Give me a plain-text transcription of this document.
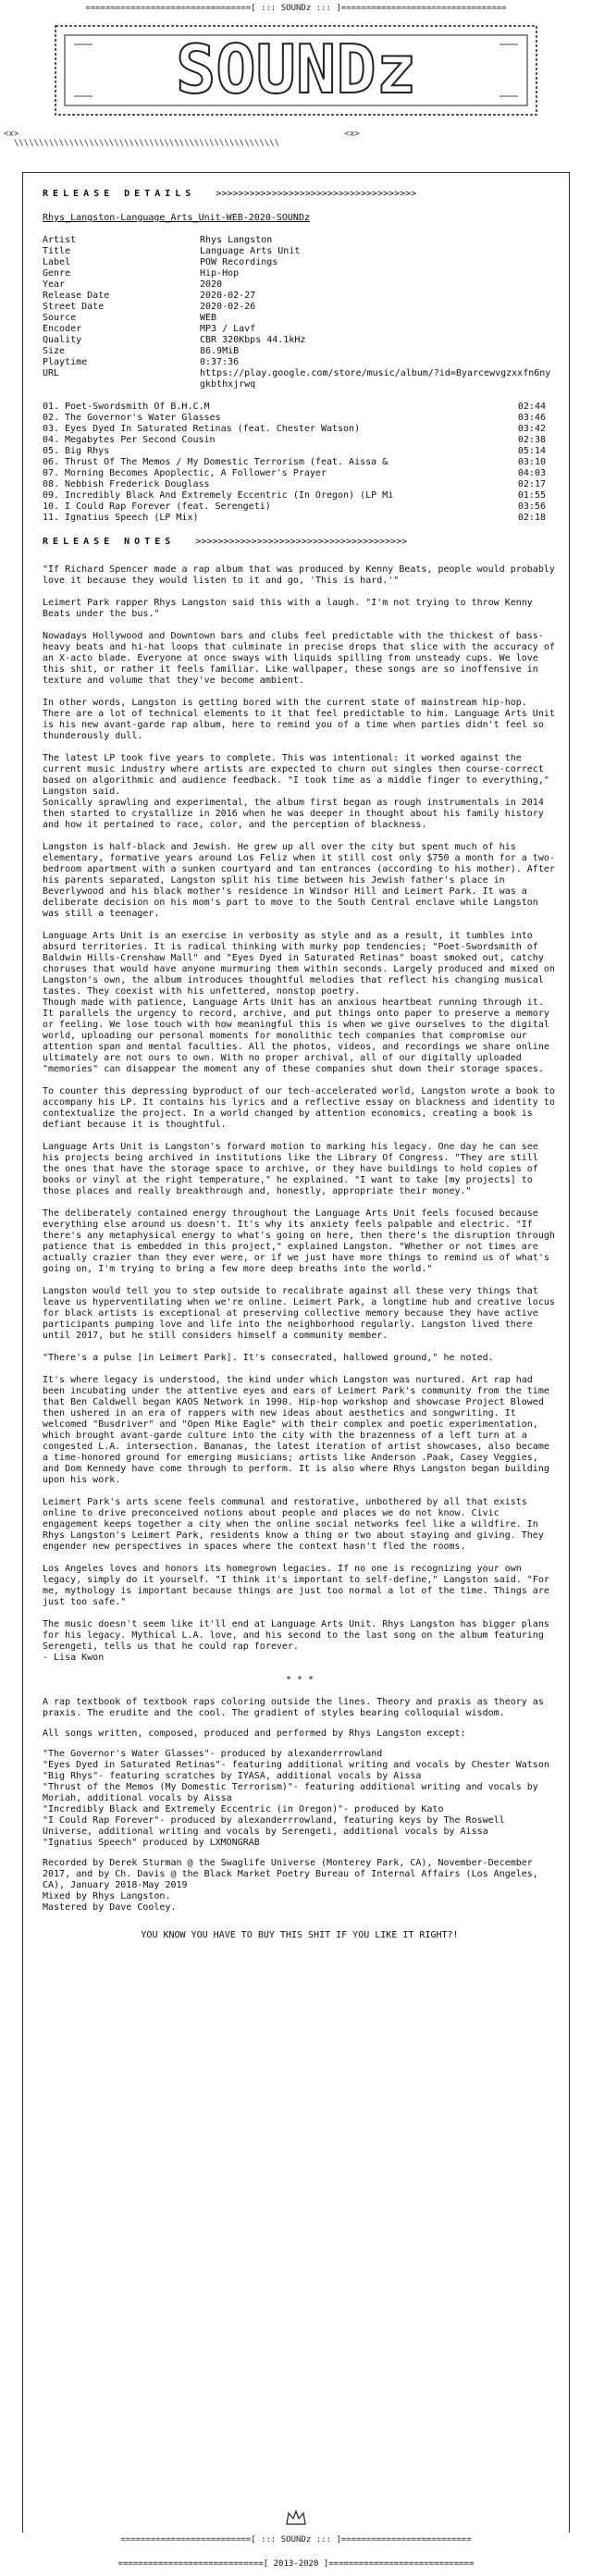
=================================[ ::: SOUNDz ::: ]=================================
SOUNDz
<x>                                                                 <x>
\\\\\\\\\\\\\\\\\\\\\\\\\\\\\\\\\\\\\\\\\\\\\\\\\\\\\
RELEASE DETAILS >>>>>>>>>>>>>>>>>>>>>>>>>>>>>>>>>>>>
Rhys_Langston-Language_Arts_Unit-WEB-2020-SOUNDz
Artist	Rhys Langston
Title	Language Arts Unit
Label	POW Recordings
Genre	Hip-Hop
Year	2020
Release Date	2020-02-27
Street Date	2020-02-26
Source	WEB
Encoder	MP3 / Lavf
Quality	CBR 320Kbps 44.1kHz
Size	86.9MiB
Playtime	0:37:36
URL	https://play.google.com/store/music/album/?id=Byarcewvgzxxfn6nygkbthxjrwq
01. Poet-Swordsmith Of B.H.C.M	02:44
02. The Governor's Water Glasses	03:46
03. Eyes Dyed In Saturated Retinas (feat. Chester Watson)	03:42
04. Megabytes Per Second Cousin	02:38
05. Big Rhys	05:14
06. Thrust Of The Memos / My Domestic Terrorism (feat. Aissa &	03:10
07. Morning Becomes Apoplectic, A Follower's Prayer	04:03
08. Nebbish Frederick Douglass	02:17
09. Incredibly Black And Extremely Eccentric (In Oregon) (LP Mi	01:55
10. I Could Rap Forever (feat. Serengeti)	03:56
11. Ignatius Speech (LP Mix)	02:18
RELEASE NOTES >>>>>>>>>>>>>>>>>>>>>>>>>>>>>>>>>>>>>>

"If Richard Spencer made a rap album that was produced by Kenny Beats, people would probably love it because they would listen to it and go, 'This is hard.'"

Leimert Park rapper Rhys Langston said this with a laugh. "I'm not trying to throw Kenny Beats under the bus."

Nowadays Hollywood and Downtown bars and clubs feel predictable with the thickest of bass-heavy beats and hi-hat loops that culminate in precise drops that slice with the accuracy of an X-acto blade. Everyone at once sways with liquids spilling from unsteady cups. We love this shit, or rather it feels familiar. Like wallpaper, these songs are so inoffensive in texture and volume that they've become ambient.

In other words, Langston is getting bored with the current state of mainstream hip-hop. There are a lot of technical elements to it that feel predictable to him. Language Arts Unit is his new avant-garde rap album, here to remind you of a time when parties didn't feel so thunderously dull.

The latest LP took five years to complete. This was intentional: it worked against the current music industry where artists are expected to churn out singles then course-correct based on algorithmic and audience feedback. "I took time as a middle finger to everything," Langston said.
Sonically sprawling and experimental, the album first began as rough instrumentals in 2014 then started to crystallize in 2016 when he was deeper in thought about his family history and how it pertained to race, color, and the perception of blackness.

Langston is half-black and Jewish. He grew up all over the city but spent much of his elementary, formative years around Los Feliz when it still cost only $750 a month for a two-bedroom apartment with a sunken courtyard and tan entrances (according to his mother). After his parents separated, Langston split his time between his Jewish father's place in Beverlywood and his black mother's residence in Windsor Hill and Leimert Park. It was a deliberate decision on his mom's part to move to the South Central enclave while Langston was still a teenager.

Language Arts Unit is an exercise in verbosity as style and as a result, it tumbles into absurd territories. It is radical thinking with murky pop tendencies; "Poet-Swordsmith of Baldwin Hills-Crenshaw Mall" and "Eyes Dyed in Saturated Retinas" boast smoked out, catchy choruses that would have anyone murmuring them within seconds. Largely produced and mixed on Langston's own, the album introduces thoughtful melodies that reflect his changing musical tastes. They coexist with his unfettered, nonstop poetry.
Though made with patience, Language Arts Unit has an anxious heartbeat running through it. It parallels the urgency to record, archive, and put things onto paper to preserve a memory or feeling. We lose touch with how meaningful this is when we give ourselves to the digital world, uploading our personal moments for monolithic tech companies that compromise our attention span and mental faculties. All the photos, videos, and recordings we share online ultimately are not ours to own. With no proper archival, all of our digitally uploaded "memories" can disappear the moment any of these companies shut down their storage spaces.

To counter this depressing byproduct of our tech-accelerated world, Langston wrote a book to accompany his LP. It contains his lyrics and a reflective essay on blackness and identity to contextualize the project. In a world changed by attention economics, creating a book is defiant because it is thoughtful.

Language Arts Unit is Langston's forward motion to marking his legacy. One day he can see his projects being archived in institutions like the Library Of Congress. "They are still the ones that have the storage space to archive, or they have buildings to hold copies of books or vinyl at the right temperature," he explained. "I want to take [my projects] to those places and really breakthrough and, honestly, appropriate their money."

The deliberately contained energy throughout the Language Arts Unit feels focused because everything else around us doesn't. It's why its anxiety feels palpable and electric. "If there's any metaphysical energy to what's going on here, then there's the disruption through patience that is embedded in this project," explained Langston. "Whether or not times are actually crazier than they ever were, or if we just have more things to remind us of what's going on, I'm trying to bring a few more deep breaths into the world."

Langston would tell you to step outside to recalibrate against all these very things that leave us hyperventilating when we're online. Leimert Park, a longtime hub and creative locus for black artists is exceptional at preserving collective memory because they have active participants pumping love and life into the neighborhood regularly. Langston lived there until 2017, but he still considers himself a community member.

"There's a pulse [in Leimert Park]. It's consecrated, hallowed ground," he noted.

It's where legacy is understood, the kind under which Langston was nurtured. Art rap had been incubating under the attentive eyes and ears of Leimert Park's community from the time that Ben Caldwell began KAOS Network in 1990. Hip-hop workshop and showcase Project Blowed then ushered in an era of rappers with new ideas about aesthetics and songwriting. It welcomed "Busdriver" and "Open Mike Eagle" with their complex and poetic experimentation, which brought avant-garde culture into the city with the brazenness of a left turn at a congested L.A. intersection. Bananas, the latest iteration of artist showcases, also became a time-honored ground for emerging musicians; artists like Anderson .Paak, Casey Veggies, and Dom Kennedy have come through to perform. It is also where Rhys Langston began building upon his work.

Leimert Park's arts scene feels communal and restorative, unbothered by all that exists online to drive preconceived notions about people and places we do not know. Civic engagement keeps together a city when the online social networks feel like a wildfire. In Rhys Langston's Leimert Park, residents know a thing or two about staying and giving. They engender new perspectives in spaces where the context hasn't fled the rooms.

Los Angeles loves and honors its homegrown legacies. If no one is recognizing your own legacy, simply do it yourself. "I think it's important to self-define," Langston said. "For me, mythology is important because things are just too normal a lot of the time. Things are just too safe."

The music doesn't seem like it'll end at Language Arts Unit. Rhys Langston has bigger plans for his legacy. Mythical L.A. love, and his second to the last song on the album featuring Serengeti, tells us that he could rap forever.
- Lisa Kwon

* * *

A rap textbook of textbook raps coloring outside the lines. Theory and praxis as theory as praxis. The erudite and the cool. The gradient of styles bearing colloquial wisdom.

All songs written, composed, produced and performed by Rhys Langston except:

"The Governor's Water Glasses"- produced by alexanderrrowland
"Eyes Dyed in Saturated Retinas"- featuring additional writing and vocals by Chester Watson
"Big Rhys"- featuring scratches by IYASA, additional vocals by Aissa
"Thrust of the Memos (My Domestic Terrorism)"- featuring additional writing and vocals by Moriah, additional vocals by Aissa
"Incredibly Black and Extremely Eccentric (in Oregon)"- produced by Kato
"I Could Rap Forever"- produced by alexanderrrowland, featuring keys by The Roswell Universe, additional writing and vocals by Serengeti, additional vocals by Aissa
"Ignatius Speech" produced by LXMONGRAB

Recorded by Derek Sturman @ the Swaglife Universe (Monterey Park, CA), November-December 2017, and by Ch. Davis @ the Black Market Poetry Bureau of Internal Affairs (Los Angeles, CA), January 2018-May 2019
Mixed by Rhys Langston.
Mastered by Dave Cooley.

YOU KNOW YOU HAVE TO BUY THIS SHIT IF YOU LIKE IT RIGHT?!
==========================[ ::: SOUNDz ::: ]==========================
=============================[ 2013-2020 ]=============================
